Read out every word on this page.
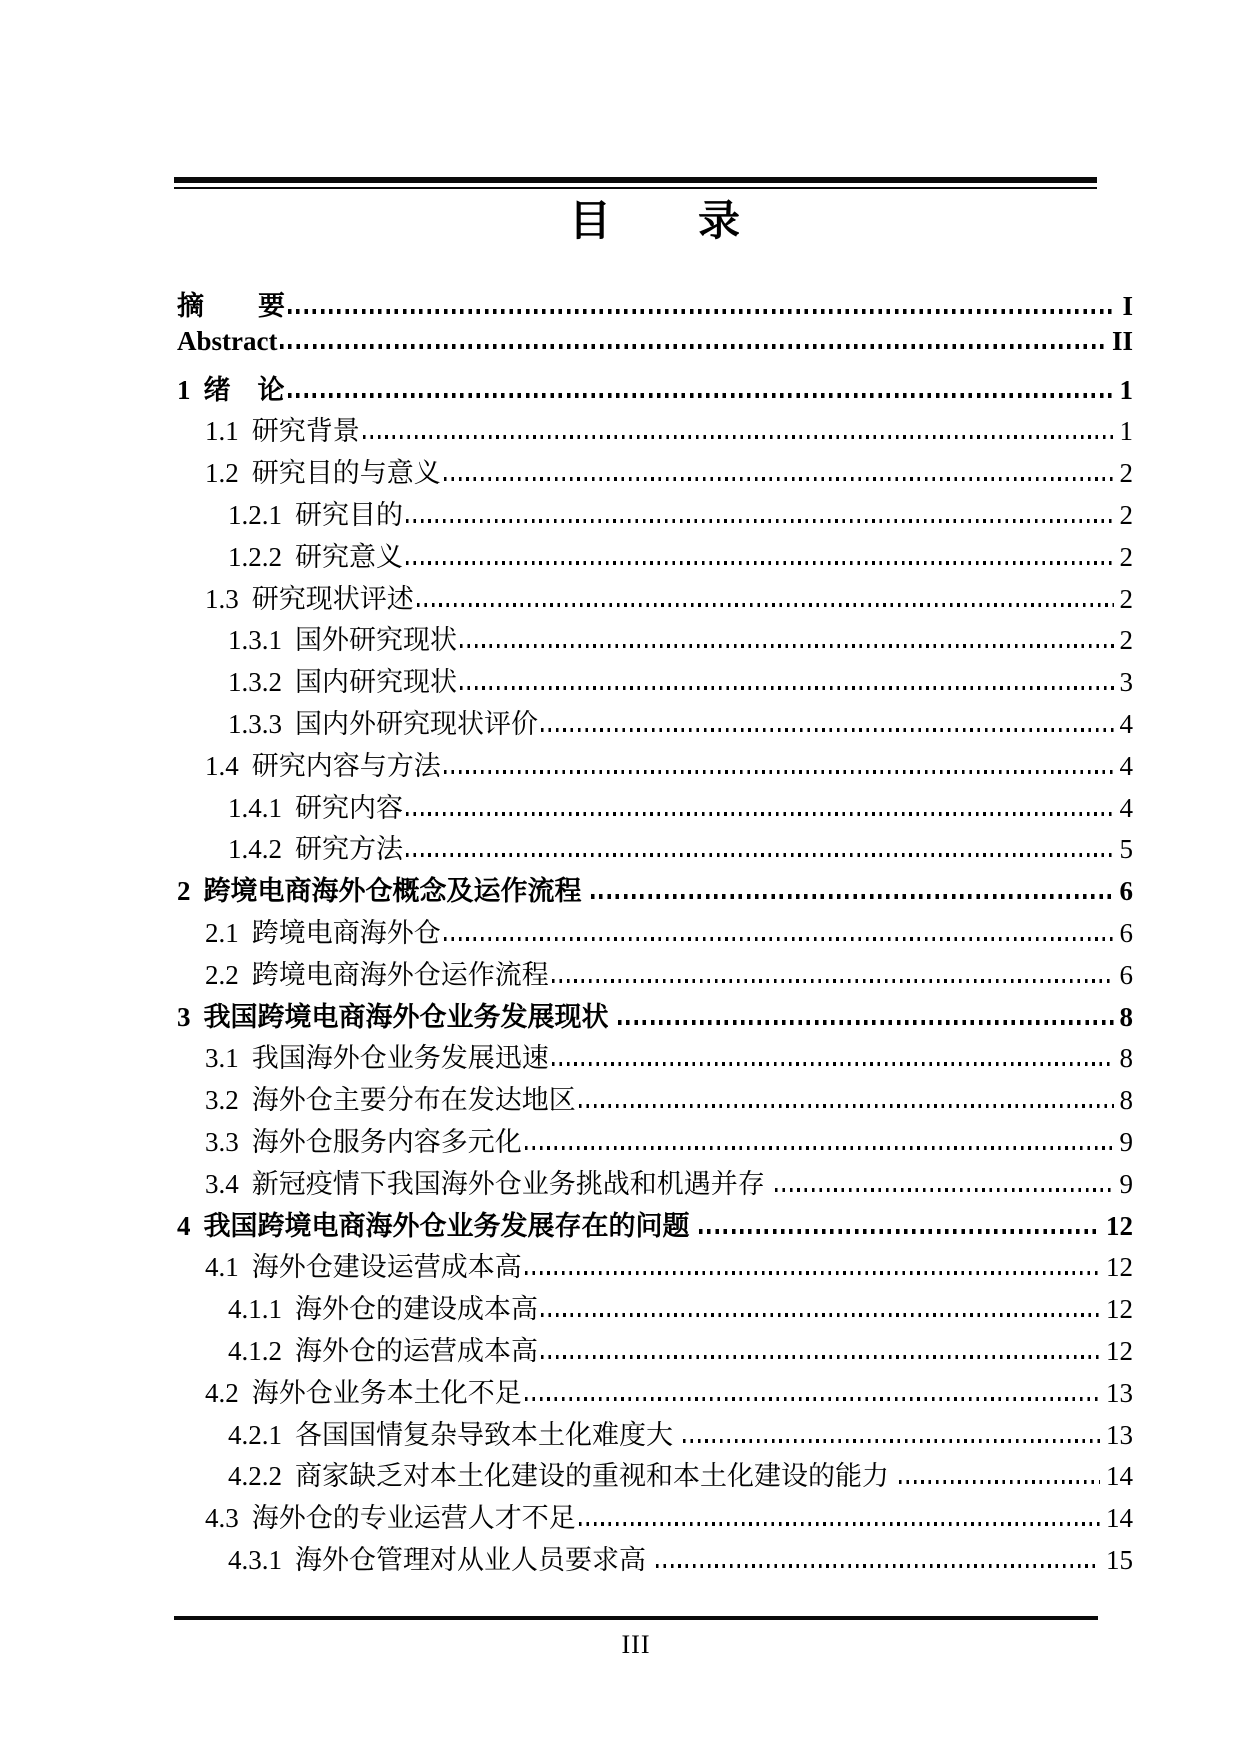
目　　录
摘　　要	I
Abstract	II
1 绪　论	1
1.1 研究背景	1
1.2 研究目的与意义	2
1.2.1 研究目的	2
1.2.2 研究意义	2
1.3 研究现状评述	2
1.3.1 国外研究现状	2
1.3.2 国内研究现状	3
1.3.3 国内外研究现状评价	4
1.4 研究内容与方法	4
1.4.1 研究内容	4
1.4.2 研究方法	5
2 跨境电商海外仓概念及运作流程	6
2.1 跨境电商海外仓	6
2.2 跨境电商海外仓运作流程	6
3 我国跨境电商海外仓业务发展现状	8
3.1 我国海外仓业务发展迅速	8
3.2 海外仓主要分布在发达地区	8
3.3 海外仓服务内容多元化	9
3.4 新冠疫情下我国海外仓业务挑战和机遇并存	9
4 我国跨境电商海外仓业务发展存在的问题	12
4.1 海外仓建设运营成本高	12
4.1.1 海外仓的建设成本高	12
4.1.2 海外仓的运营成本高	12
4.2 海外仓业务本土化不足	13
4.2.1 各国国情复杂导致本土化难度大	13
4.2.2 商家缺乏对本土化建设的重视和本土化建设的能力	14
4.3 海外仓的专业运营人才不足	14
4.3.1 海外仓管理对从业人员要求高	15
III
